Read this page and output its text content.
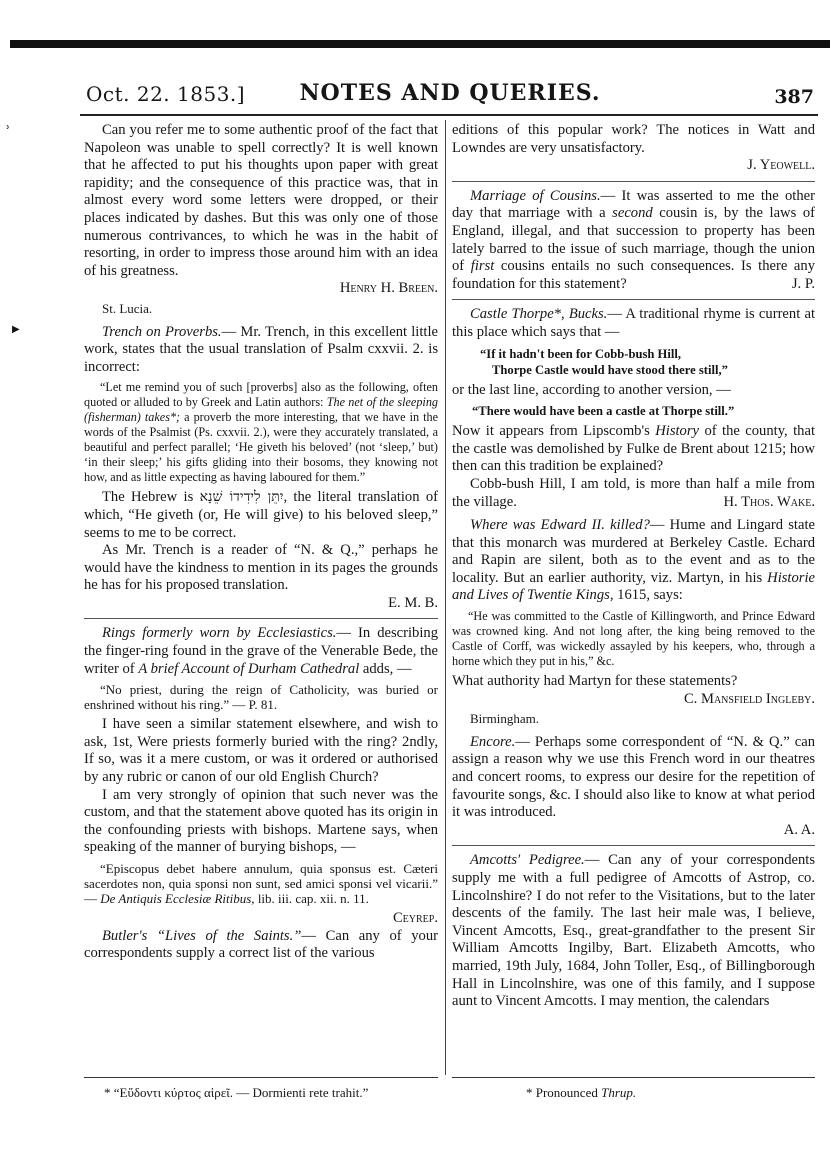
ʾ
▶
Oct. 22. 1853.]	NOTES AND QUERIES.	387

Can you refer me to some authentic proof of the fact that Napoleon was unable to spell correctly? It is well known that he affected to put his thoughts upon paper with great rapidity; and the consequence of this practice was, that in almost every word some letters were dropped, or their places indicated by dashes. But this was only one of those numerous contrivances, to which he was in the habit of resorting, in order to impress those around him with an idea of his greatness.

Henry H. Breen.

St. Lucia.

Trench on Proverbs.— Mr. Trench, in this excellent little work, states that the usual translation of Psalm cxxvii. 2. is incorrect:

“Let me remind you of such [proverbs] also as the following, often quoted or alluded to by Greek and Latin authors: The net of the sleeping (fisherman) takes*; a proverb the more interesting, that we have in the words of the Psalmist (Ps. cxxvii. 2.), were they accurately translated, a beautiful and perfect parallel; ‘He giveth his beloved’ (not ‘sleep,’ but) ‘in their sleep;’ his gifts gliding into their bosoms, they knowing not how, and as little expecting as having laboured for them.”

The Hebrew is יִתֵּן לִידִידוֹ שֵׁנָא, the literal translation of which, “He giveth (or, He will give) to his beloved sleep,” seems to me to be correct.

As Mr. Trench is a reader of “N. & Q.,” perhaps he would have the kindness to mention in its pages the grounds he has for his proposed translation.

E. M. B.

Rings formerly worn by Ecclesiastics.— In describing the finger-ring found in the grave of the Venerable Bede, the writer of A brief Account of Durham Cathedral adds, —

“No priest, during the reign of Catholicity, was buried or enshrined without his ring.” — P. 81.

I have seen a similar statement elsewhere, and wish to ask, 1st, Were priests formerly buried with the ring? 2ndly, If so, was it a mere custom, or was it ordered or authorised by any rubric or canon of our old English Church?

I am very strongly of opinion that such never was the custom, and that the statement above quoted has its origin in the confounding priests with bishops. Martene says, when speaking of the manner of burying bishops, —

“Episcopus debet habere annulum, quia sponsus est. Cæteri sacerdotes non, quia sponsi non sunt, sed amici sponsi vel vicarii.” — De Antiquis Ecclesiæ Ritibus, lib. iii. cap. xii. n. 11.

Ceyrep.

Butler's “Lives of the Saints.”— Can any of your correspondents supply a correct list of the various

editions of this popular work? The notices in Watt and Lowndes are very unsatisfactory.

J. Yeowell.

Marriage of Cousins.— It was asserted to me the other day that marriage with a second cousin is, by the laws of England, illegal, and that succession to property has been lately barred to the issue of such marriage, though the union of first cousins entails no such consequences. Is there any foundation for this statement?	J. P.

Castle Thorpe*, Bucks.— A traditional rhyme is current at this place which says that —

“If it hadn't been for Cobb-bush Hill,

Thorpe Castle would have stood there still,”

or the last line, according to another version, —

“There would have been a castle at Thorpe still.”

Now it appears from Lipscomb's History of the county, that the castle was demolished by Fulke de Brent about 1215; how then can this tradition be explained?

Cobb-bush Hill, I am told, is more than half a mile from the village.	H. Thos. Wake.

Where was Edward II. killed?— Hume and Lingard state that this monarch was murdered at Berkeley Castle. Echard and Rapin are silent, both as to the event and as to the locality. But an earlier authority, viz. Martyn, in his Historie and Lives of Twentie Kings, 1615, says:

“He was committed to the Castle of Killingworth, and Prince Edward was crowned king. And not long after, the king being removed to the Castle of Corff, was wickedly assayled by his keepers, who, through a horne which they put in his,” &c.

What authority had Martyn for these statements?

C. Mansfield Ingleby.

Birmingham.

Encore.— Perhaps some correspondent of “N. & Q.” can assign a reason why we use this French word in our theatres and concert rooms, to express our desire for the repetition of favourite songs, &c. I should also like to know at what period it was introduced.

A. A.

Amcotts' Pedigree.— Can any of your correspondents supply me with a full pedigree of Amcotts of Astrop, co. Lincolnshire? I do not refer to the Visitations, but to the later descents of the family. The last heir male was, I believe, Vincent Amcotts, Esq., great-grandfather to the present Sir William Amcotts Ingilby, Bart. Elizabeth Amcotts, who married, 19th July, 1684, John Toller, Esq., of Billingborough Hall in Lincolnshire, was one of this family, and I suppose aunt to Vincent Amcotts. I may mention, the calendars

* “Εὕδοντι κύρτος αἱρεῖ. — Dormienti rete trahit.”	* Pronounced Thrup.
